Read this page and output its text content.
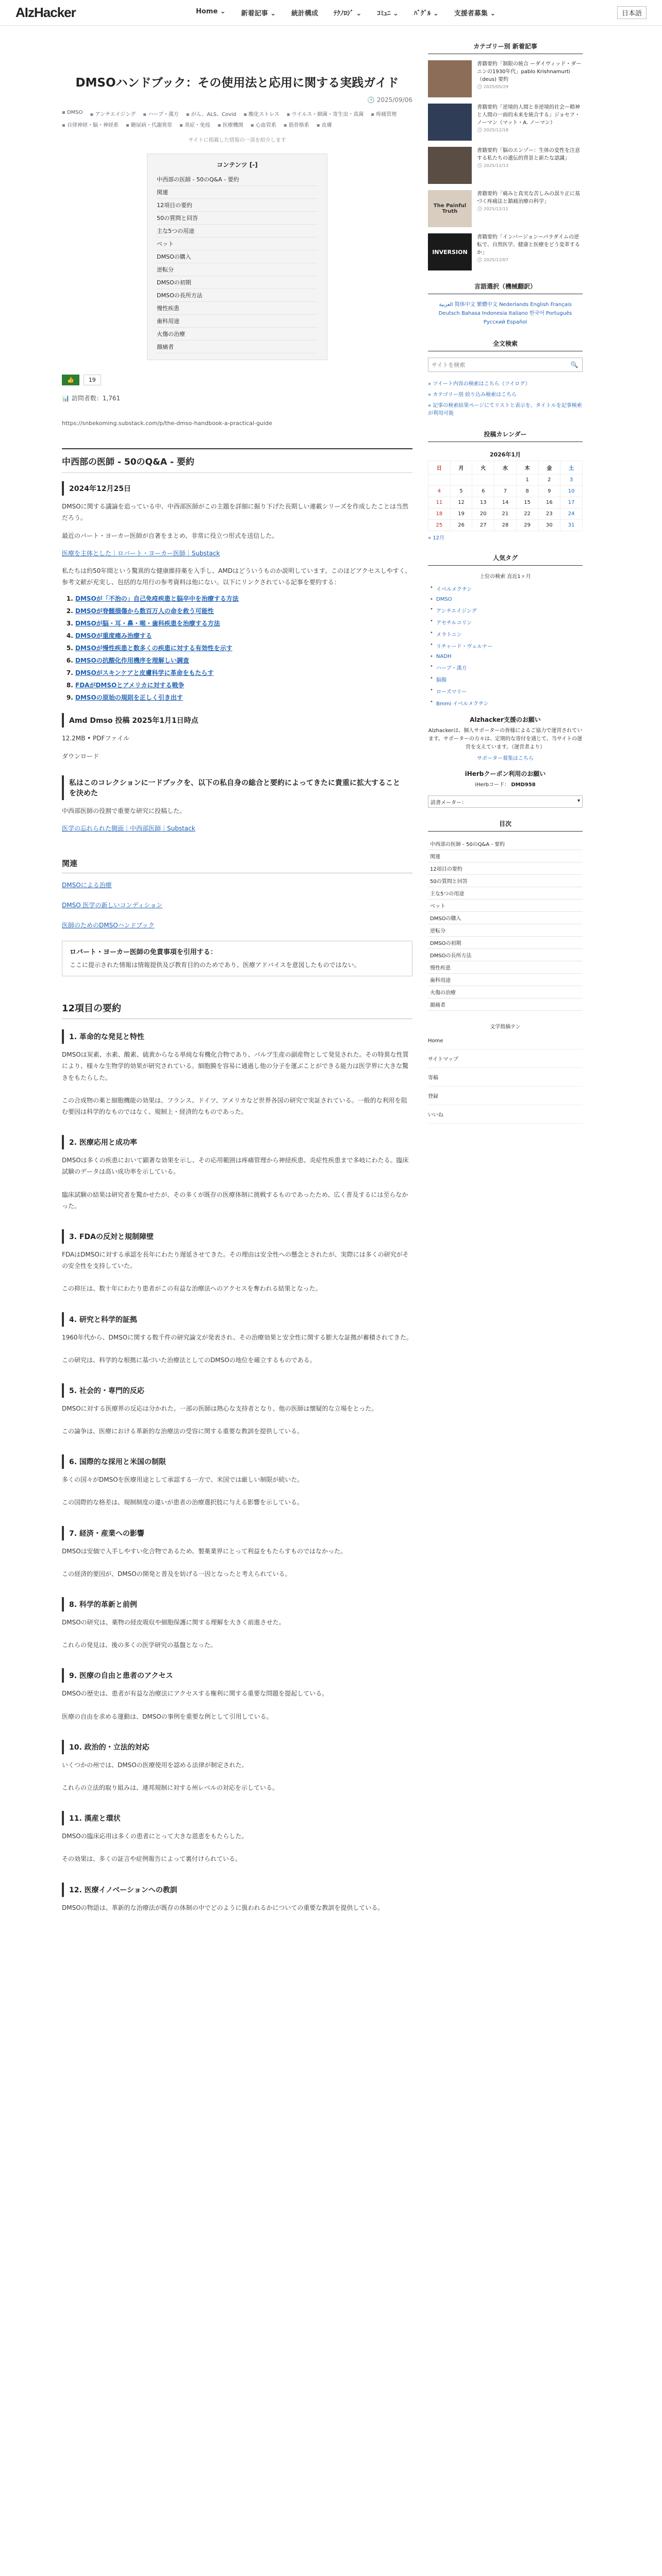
AIzHacker	Home ⌄ 新着記事 ⌄ 統計構成 ﾃｸﾉﾛｼﾞ ⌄ ｺﾐｭﾆ ⌄ ﾊﾞｸﾞﾙ ⌄ 支援者募集 ⌄	日本語
DMSOハンドブック：その使用法と応用に関する実践ガイド
🕒 2025/09/06
▪ DMSO	▪ アンチエイジング	▪ ハーブ・漢方	▪ がん、ALS、Covid	▪ 酸化ストレス	▪ ウイルス・細菌・寄生虫・真菌	▪ 疼痛管理
▪ 自律神経・脳・神経系	▪ 糖尿病・代謝異常	▪ 炎症・免疫	▪ 医療機関	▪ 心血管系	▪ 筋骨格系	▪ 皮膚
サイトに掲載した情報の一部を紹介します
コンテンツ [-]
中西部の医師 - 50のQ&A - 要約
関連
12項目の要約
50の質問と回答
主な5つの用途
ベット
DMSOの購入
逆転分
DMSOの初期
DMSOの長所方法
慢性疾患
歯科用途
火傷の治療
顔痛者
👍	19
📊 訪問者数：1,761
https://snbekoming.substack.com/p/the-dmso-handbook-a-practical-guide
中西部の医師 - 50のQ&A - 要約
2024年12月25日

DMSOに関する議論を追っている中、中西部医師がこの主題を詳細に掘り下げた長期しい連載シリーズを作成したことは当然だろう。

最近のバート・ヨーカー医師が自著をまとめ、非常に役立つ形式を送信した。

医療を主体とした｜ロバート・ヨーカー医師｜Substack

私たちは約50年間という驚異的な健康維持薬を入手し、AMDはどういうものか説明しています。このほどアクセスしやすく、参考文献が充実し、包括的な用行の参考資料は他にない。以下にリンクされている記事を要約する：

1. DMSOが「不治の」自己免疫疾患と脳卒中を治療する方法
2. DMSOが脊髄損傷から数百万人の命を救う可能性
3. DMSOが脳・耳・鼻・喉・歯科疾患を治療する方法
4. DMSOが重度痛み治療する
5. DMSOが慢性疾患と数多くの疾患に対する有効性を示す
6. DMSOの抗酸化作用機序を理解しい調査
7. DMSOがスキンケアと皮膚科学に革命をもたらす
8. FDAがDMSOとアメリカに対する戦争
9. DMSOの原始の規則を正しく引き出す
Amd Dmso 投稿 2025年1月1日時点

12.2MB • PDFファイル

ダウンロード

私はこのコレクションに一ドブックを、以下の私自身の総合と要約によってきたに貴重に拡大することを決めた

中西部医師の役割で重要な研究に投稿した。

医学の忘れられた側面｜中西部医師｜Substack

関連
DMSOによる治療
DMSO 医学の新しいコンディション
医師のためのDMSOハンドブック
ロバート・ヨーカー医師の免責事項を引用する：

ここに提示された情報は情報提供及び教育目的のためであり、医療アドバイスを意図したものではない。

12項目の要約
1. 革命的な発見と特性

DMSOは炭素、水素、酸素、硫黄からなる単純な有機化合物であり、パルプ生産の副産物として発見された。その特異な性質により、様々な生物学的効果が研究されている。細胞膜を容易に通過し他の分子を運ぶことができる能力は医学界に大きな驚きをもたらした。

この合成物の薬と細胞機能の効果は、フランス、ドイツ、アメリカなど世界各国の研究で実証されている。一般的な利用を阻む要因は科学的なものではなく、規制上・経済的なものであった。

2. 医療応用と成功率

DMSOは多くの疾患において顕著な効果を示し、その応用範囲は疼痛管理から神経疾患、炎症性疾患まで多岐にわたる。臨床試験のデータは高い成功率を示している。

臨床試験の結果は研究者を驚かせたが、その多くが既存の医療体制に挑戦するものであったため、広く普及するには至らなかった。

3. FDAの反対と規制障壁

FDAはDMSOに対する承認を長年にわたり遅延させてきた。その理由は安全性への懸念とされたが、実際には多くの研究がその安全性を支持していた。

この抑圧は、数十年にわたり患者がこの有益な治療法へのアクセスを奪われる結果となった。

4. 研究と科学的証拠

1960年代から、DMSOに関する数千件の研究論文が発表され、その治療効果と安全性に関する膨大な証拠が蓄積されてきた。

この研究は、科学的な根拠に基づいた治療法としてのDMSOの地位を確立するものである。

5. 社会的・専門的反応

DMSOに対する医療界の反応は分かれた。一部の医師は熱心な支持者となり、他の医師は懐疑的な立場をとった。

この論争は、医療における革新的な治療法の受容に関する重要な教訓を提供している。

6. 国際的な採用と米国の制限

多くの国々がDMSOを医療用途として承認する一方で、米国では厳しい制限が続いた。

この国際的な格差は、規制制度の違いが患者の治療選択肢に与える影響を示している。

7. 経済・産業への影響

DMSOは安価で入手しやすい化合物であるため、製薬業界にとって利益をもたらすものではなかった。

この経済的要因が、DMSOの開発と普及を妨げる一因となったと考えられている。

8. 科学的革新と前例

DMSOの研究は、薬物の経皮吸収や細胞保護に関する理解を大きく前進させた。

これらの発見は、後の多くの医学研究の基盤となった。

9. 医療の自由と患者のアクセス

DMSOの歴史は、患者が有益な治療法にアクセスする権利に関する重要な問題を提起している。

医療の自由を求める運動は、DMSOの事例を重要な例として引用している。

10. 政治的・立法的対応

いくつかの州では、DMSOの医療使用を認める法律が制定された。

これらの立法的取り組みは、連邦規制に対する州レベルの対応を示している。

11. 漢産と環状

DMSOの臨床応用は多くの患者にとって大きな恩恵をもたらした。

その効果は、多くの証言や症例報告によって裏付けられている。

12. 医療イノベーションへの教訓

DMSOの物語は、革新的な治療法が既存の体制の中でどのように扱われるかについての重要な教訓を提供している。

カテゴリー別 新着記事
書籍要約「制限の統合 ーダイヴィッド・ダーニンの1930年代」pablo Krishnamurti（deus) 要約
🕒 2025/05/29
書籍要約「逆境的人間と非逆境的社会ー精神と人間の一面的未来を統合する」ジョセフ・ノーマン（マット・A. ノーマン）
🕒 2025/12/18
書籍要約「脳のエンゾー：生体の変性を注意する私たちの遺伝的背景と新たな認識」
🕒 2025/12/13
The Painful Truth
書籍要約「痛みと真実な苦しみの誤り正に基づく疼痛法と鎮痛治療の科学」
🕒 2025/12/11
INVERSION
書籍要約「インバージョンーパラダイムの逆転で、自然医学、健康と医療をどう変革するか」
🕒 2025/12/07
言語選択（機械翻訳）
العربية 简体中文 繁體中文 Nederlands English Français Deutsch Bahasa Indonesia Italiano 한국어 Português Русский Español
全文検索
サイトを検索
🔍
» ツイート内容の検索はこちら（ツイログ）
» カテゴリー別 絞り込み検索はこちら
» 記事の検索結果ページにてリストと表示を、タイトルを記事検索が利用可能
投稿カレンダー
2026年1月
日	月	火	水	木	金	土
				1	2	3
4	5	6	7	8	9	10
11	12	13	14	15	16	17
18	19	20	21	22	23	24
25	26	27	28	29	30	31
« 12月
人気タグ
上位の検索 直近1ヶ月
• イベルメクチン
• DMSO
• アンチエイジング
• アセチルコリン
• メラトニン
• リチャード・ヴェルナー
• NADH
• ハーブ・漢方
• 脳腸
• ローズマリー
• Bmmi イベルメクチン
Alzhacker支援のお願い
Alzhackerは、個人サポーターの皆様によるご協力で運営されています。サポーターの方々は、定期的な寄付を通じて、当サイトの運営を支えています。（運営者より）
サポーター募集はこちら
iHerbクーポン利用のお願い
iHerbコード： DMD958
読書メーター：	▾
目次
中西部の医師 - 50のQ&A - 要約
関連
12項目の要約
50の質問と回答
主な5つの用途
ベット
DMSOの購入
逆転分
DMSOの初期
DMSOの長所方法
慢性疾患
歯科用途
火傷の治療
顔痛者
文学指摘テン
Home
サイトマップ
寄稿
登録
いいね
